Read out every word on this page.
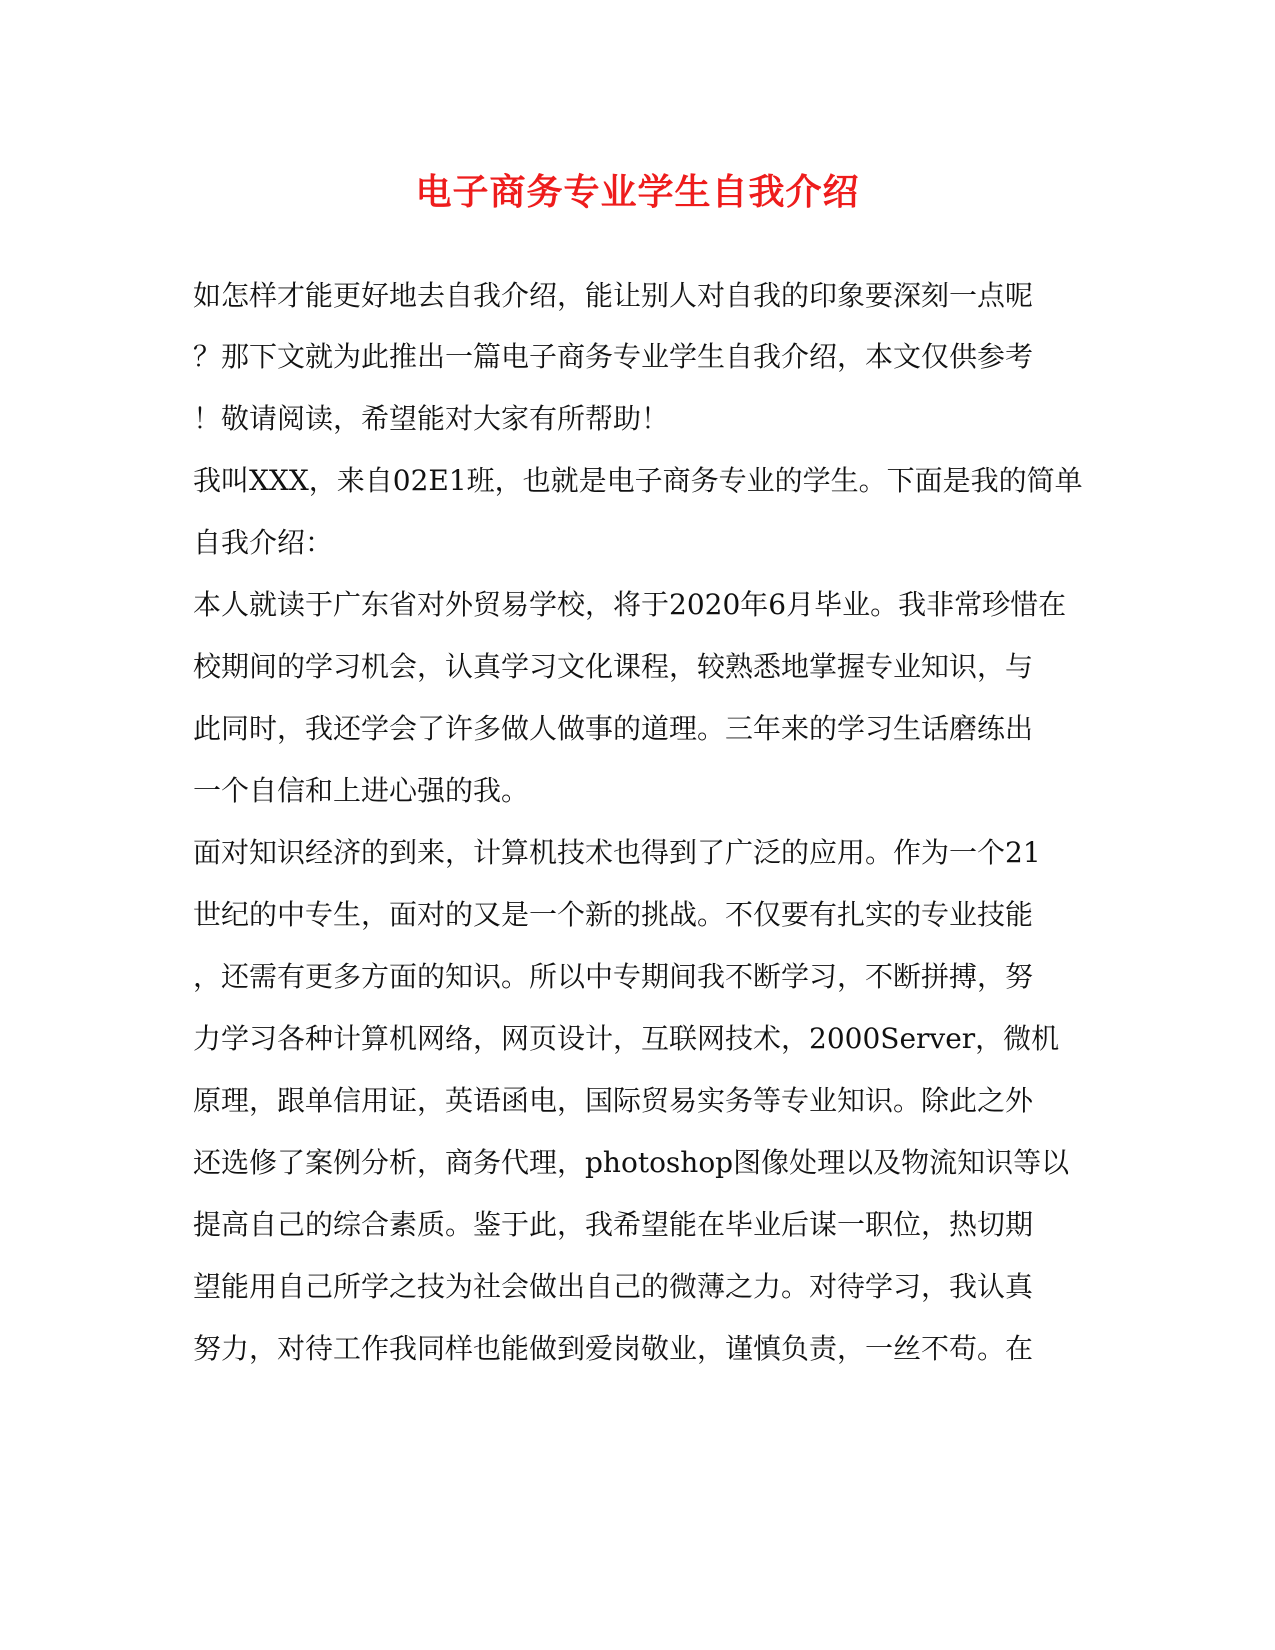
电子商务专业学生自我介绍
如怎样才能更好地去自我介绍，能让别人对自我的印象要深刻一点呢
？那下文就为此推出一篇电子商务专业学生自我介绍，本文仅供参考
！敬请阅读，希望能对大家有所帮助！
我叫XXX，来自02E1班，也就是电子商务专业的学生。下面是我的简单
自我介绍：
本人就读于广东省对外贸易学校，将于2020年6月毕业。我非常珍惜在
校期间的学习机会，认真学习文化课程，较熟悉地掌握专业知识，与
此同时，我还学会了许多做人做事的道理。三年来的学习生话磨练出
一个自信和上进心强的我。
面对知识经济的到来，计算机技术也得到了广泛的应用。作为一个21
世纪的中专生，面对的又是一个新的挑战。不仅要有扎实的专业技能
，还需有更多方面的知识。所以中专期间我不断学习，不断拼搏，努
力学习各种计算机网络，网页设计，互联网技术，2000Server，微机
原理，跟单信用证，英语函电，国际贸易实务等专业知识。除此之外
还选修了案例分析，商务代理，photoshop图像处理以及物流知识等以
提高自己的综合素质。鉴于此，我希望能在毕业后谋一职位，热切期
望能用自己所学之技为社会做出自己的微薄之力。对待学习，我认真
努力，对待工作我同样也能做到爱岗敬业，谨慎负责，一丝不苟。在
